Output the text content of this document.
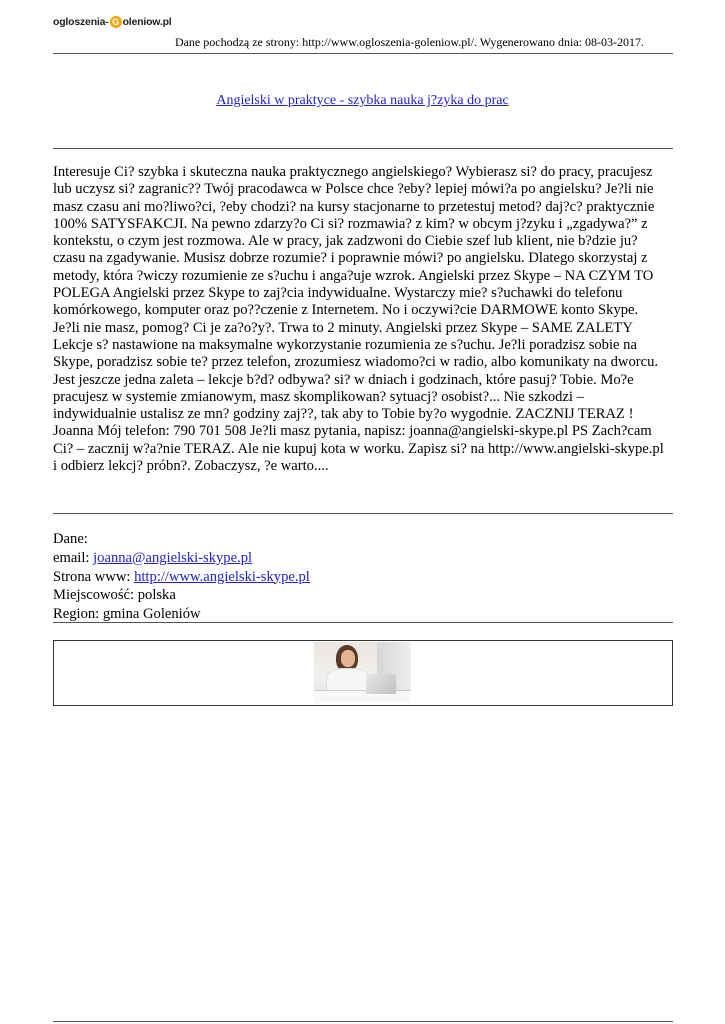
ogloszenia- G oleniow.pl
Dane pochodzą ze strony: http://www.ogloszenia-goleniow.pl/. Wygenerowano dnia: 08-03-2017.
Angielski w praktyce - szybka nauka j?zyka do prac
Interesuje Ci? szybka i skuteczna nauka praktycznego angielskiego? Wybierasz si? do pracy, pracujesz
lub uczysz si? zagranic?? Twój pracodawca w Polsce chce ?eby? lepiej mówi?a po angielsku? Je?li nie
masz czasu ani mo?liwo?ci, ?eby chodzi? na kursy stacjonarne to przetestuj metod? daj?c? praktycznie
100% SATYSFAKCJI. Na pewno zdarzy?o Ci si? rozmawia? z kim? w obcym j?zyku i „zgadywa?” z
kontekstu, o czym jest rozmowa. Ale w pracy, jak zadzwoni do Ciebie szef lub klient, nie b?dzie ju?
czasu na zgadywanie. Musisz dobrze rozumie? i poprawnie mówi? po angielsku. Dlatego skorzystaj z
metody, która ?wiczy rozumienie ze s?uchu i anga?uje wzrok. Angielski przez Skype – NA CZYM TO
POLEGA Angielski przez Skype to zaj?cia indywidualne. Wystarczy mie? s?uchawki do telefonu
komórkowego, komputer oraz po??czenie z Internetem. No i oczywi?cie DARMOWE konto Skype.
Je?li nie masz, pomog? Ci je za?o?y?. Trwa to 2 minuty. Angielski przez Skype – SAME ZALETY
Lekcje s? nastawione na maksymalne wykorzystanie rozumienia ze s?uchu. Je?li poradzisz sobie na
Skype, poradzisz sobie te? przez telefon, zrozumiesz wiadomo?ci w radio, albo komunikaty na dworcu.
Jest jeszcze jedna zaleta – lekcje b?d? odbywa? si? w dniach i godzinach, które pasuj? Tobie. Mo?e
pracujesz w systemie zmianowym, masz skomplikowan? sytuacj? osobist?... Nie szkodzi –
indywidualnie ustalisz ze mn? godziny zaj??, tak aby to Tobie by?o wygodnie. ZACZNIJ TERAZ !
Joanna Mój telefon: 790 701 508 Je?li masz pytania, napisz: joanna@angielski-skype.pl PS Zach?cam
Ci? – zacznij w?a?nie TERAZ. Ale nie kupuj kota w worku. Zapisz si? na http://www.angielski-skype.pl
i odbierz lekcj? próbn?. Zobaczysz, ?e warto....
Dane:
email: joanna@angielski-skype.pl
Strona www: http://www.angielski-skype.pl
Miejscowość: polska
Region: gmina Goleniów
